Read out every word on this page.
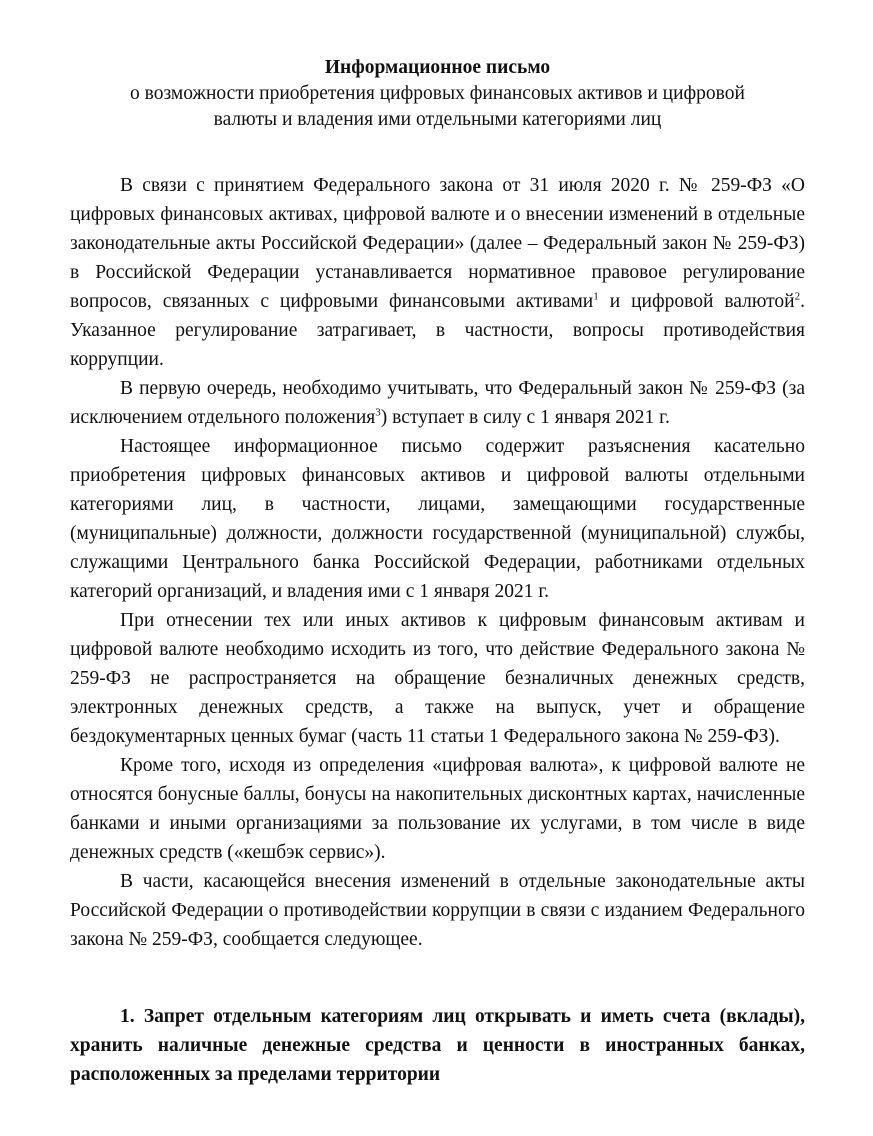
Информационное письмо

о возможности приобретения цифровых финансовых активов и цифровой
валюты и владения ими отдельными категориями лиц

В связи с принятием Федерального закона от 31 июля 2020 г. № 259-ФЗ «О цифровых финансовых активах, цифровой валюте и о внесении изменений в отдельные законодательные акты Российской Федерации» (далее – Федеральный закон № 259-ФЗ) в Российской Федерации устанавливается нормативное правовое регулирование вопросов, связанных с цифровыми финансовыми активами$^1$ и цифровой валютой$^2$. Указанное регулирование затрагивает, в частности, вопросы противодействия коррупции.

В первую очередь, необходимо учитывать, что Федеральный закон № 259-ФЗ (за исключением отдельного положения$^3$) вступает в силу с 1 января 2021 г.

Настоящее информационное письмо содержит разъяснения касательно приобретения цифровых финансовых активов и цифровой валюты отдельными категориями лиц, в частности, лицами, замещающими государственные (муниципальные) должности, должности государственной (муниципальной) службы, служащими Центрального банка Российской Федерации, работниками отдельных категорий организаций, и владения ими с 1 января 2021 г.

При отнесении тех или иных активов к цифровым финансовым активам и цифровой валюте необходимо исходить из того, что действие Федерального закона № 259-ФЗ не распространяется на обращение безналичных денежных средств, электронных денежных средств, а также на выпуск, учет и обращение бездокументарных ценных бумаг (часть 11 статьи 1 Федерального закона № 259-ФЗ).

Кроме того, исходя из определения «цифровая валюта», к цифровой валюте не относятся бонусные баллы, бонусы на накопительных дисконтных картах, начисленные банками и иными организациями за пользование их услугами, в том числе в виде денежных средств («кешбэк сервис»).

В части, касающейся внесения изменений в отдельные законодательные акты Российской Федерации о противодействии коррупции в связи с изданием Федерального закона № 259-ФЗ, сообщается следующее.

1. Запрет отдельным категориям лиц открывать и иметь счета (вклады), хранить наличные денежные средства и ценности в иностранных банках, расположенных за пределами территории
